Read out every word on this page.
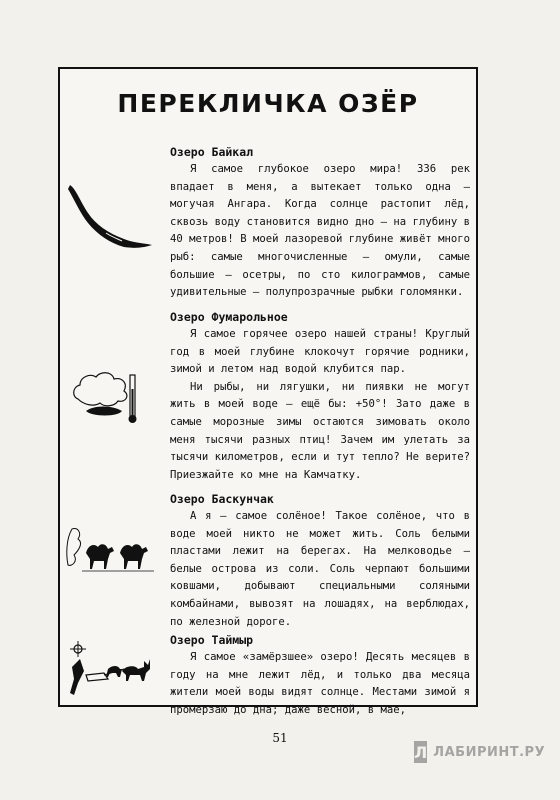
ПЕРЕКЛИЧКА ОЗЁР
Озеро Байкал

Я самое глубокое озеро мира! 336 рек впадает в меня, а вытекает только одна — могучая Ангара. Когда солнце растопит лёд, сквозь воду становится видно дно — на глубину в 40 метров! В моей лазоревой глубине живёт много рыб: самые многочисленные — омули, самые большие — осетры, по сто килограммов, самые удивительные — полупрозрачные рыбки голомянки.

Озеро Фумарольное

Я самое горячее озеро нашей страны! Круглый год в моей глубине клокочут горячие родники, зимой и летом над водой клубится пар.

Ни рыбы, ни лягушки, ни пиявки не могут жить в моей воде — ещё бы: +50°! Зато даже в самые морозные зимы остаются зимовать около меня тысячи разных птиц! Зачем им улетать за тысячи километров, если и тут тепло? Не верите? Приезжайте ко мне на Камчатку.

Озеро Баскунчак

А я — самое солёное! Такое солёное, что в воде моей никто не может жить. Соль белыми пластами лежит на берегах. На мелководье — белые острова из соли. Соль черпают большими ковшами, добывают специальными соляными комбайнами, вывозят на лошадях, на верблюдах, по железной дороге.

Озеро Таймыр

Я самое «замёрзшее» озеро! Десять месяцев в году на мне лежит лёд, и только два месяца жители моей воды видят солнце. Местами зимой я промерзаю до дна; даже весной, в мае,

51
Л ЛАБИРИНТ.РУ
